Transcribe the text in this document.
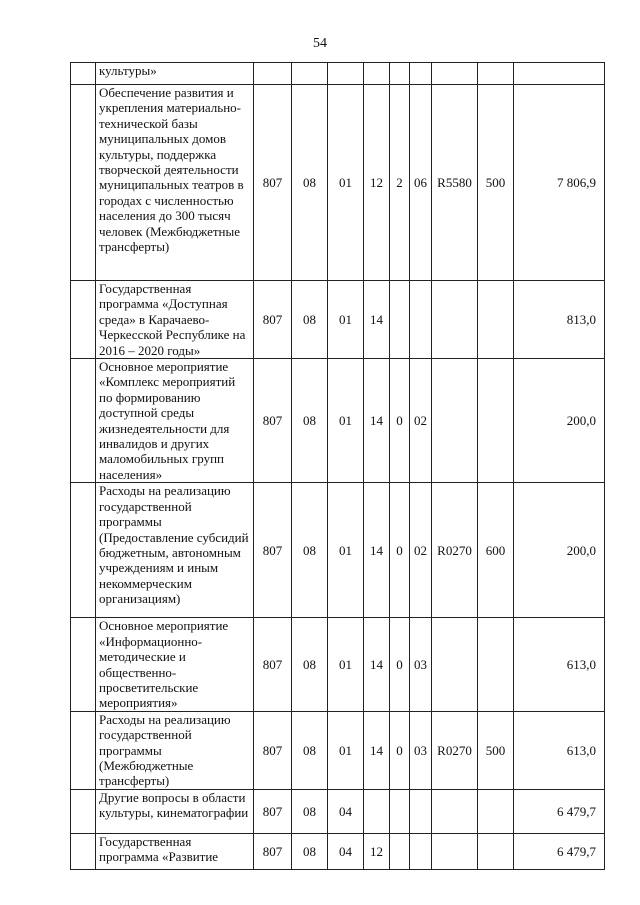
54
	культуры»									
	Обеспечение развития и укрепления материально-технической базы муниципальных домов культуры, поддержка творческой деятельности муниципальных театров в городах с численностью населения до 300 тысяч человек (Межбюджетные трансферты)	807	08	01	12	2	06	R5580	500	7 806,9
	Государственная программа «Доступная среда» в Карачаево-Черкесской Республике на 2016 – 2020 годы»	807	08	01	14					813,0
	Основное мероприятие «Комплекс мероприятий по формированию доступной среды жизнедеятельности для инвалидов и других маломобильных групп населения»	807	08	01	14	0	02			200,0
	Расходы на реализацию государственной программы (Предоставление субсидий бюджетным, автономным учреждениям и иным некоммерческим организациям)	807	08	01	14	0	02	R0270	600	200,0
	Основное мероприятие «Информационно-методические и общественно-просветительские мероприятия»	807	08	01	14	0	03			613,0
	Расходы на реализацию государственной программы (Межбюджетные трансферты)	807	08	01	14	0	03	R0270	500	613,0
	Другие вопросы в области культуры, кинематографии	807	08	04						6 479,7
	Государственная программа «Развитие	807	08	04	12					6 479,7
